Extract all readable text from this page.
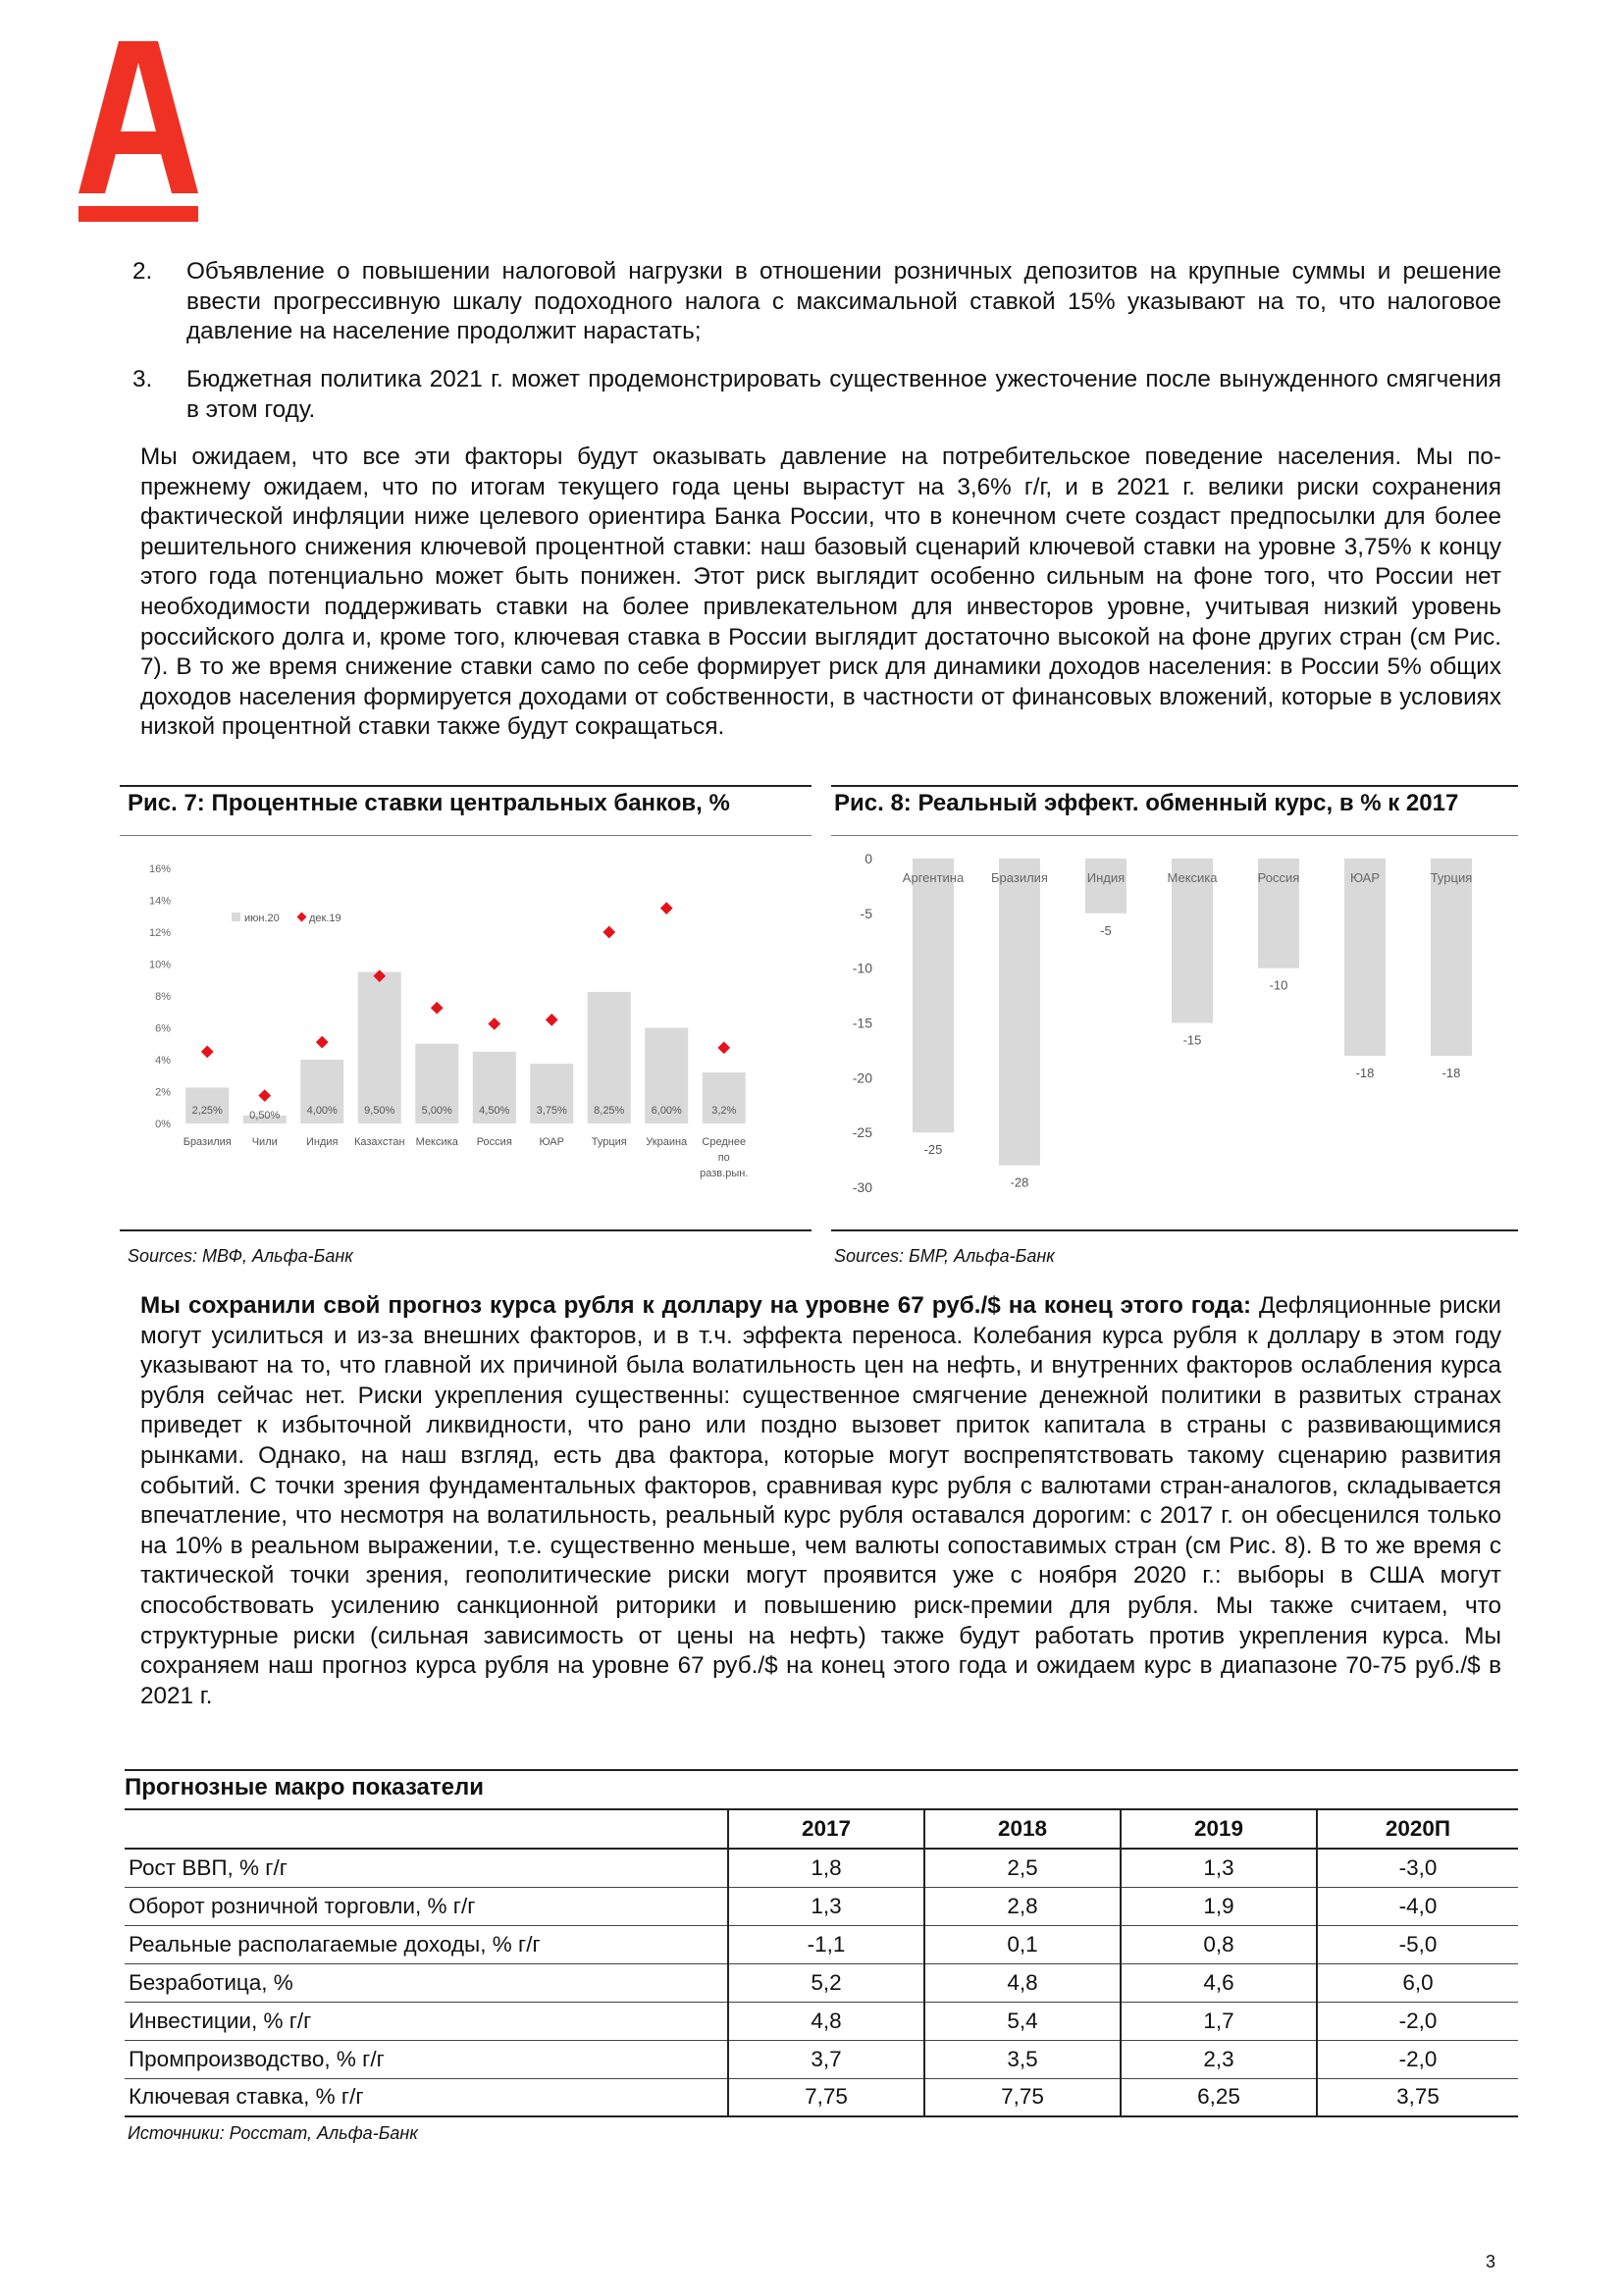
2. Объявление о повышении налоговой нагрузки в отношении розничных депозитов на крупные суммы и решение ввести прогрессивную шкалу подоходного налога с максимальной ставкой 15% указывают на то, что налоговое давление на население продолжит нарастать;
3. Бюджетная политика 2021 г. может продемонстрировать существенное ужесточение после вынужденного смягчения в этом году.
Мы ожидаем, что все эти факторы будут оказывать давление на потребительское поведение населения. Мы по-прежнему ожидаем, что по итогам текущего года цены вырастут на 3,6% г/г, и в 2021 г. велики риски сохранения фактической инфляции ниже целевого ориентира Банка России, что в конечном счете создаст предпосылки для более решительного снижения ключевой процентной ставки: наш базовый сценарий ключевой ставки на уровне 3,75% к концу этого года потенциально может быть понижен. Этот риск выглядит особенно сильным на фоне того, что России нет необходимости поддерживать ставки на более привлекательном для инвесторов уровне, учитывая низкий уровень российского долга и, кроме того, ключевая ставка в России выглядит достаточно высокой на фоне других стран (см Рис. 7). В то же время снижение ставки само по себе формирует риск для динамики доходов населения: в России 5% общих доходов населения формируется доходами от собственности, в частности от финансовых вложений, которые в условиях низкой процентной ставки также будут сокращаться.
Рис. 7: Процентные ставки центральных банков, %	Рис. 8: Реальный эффект. обменный курс, в % к 2017
0%
2%
4%
6%
8%
10%
12%
14%
16%
2,25%
Бразилия
0,50%
Чили
4,00%
Индия
9,50%
Казахстан
5,00%
Мексика
4,50%
Россия
3,75%
ЮАР
8,25%
Турция
6,00%
Украина
3,2%
Среднее
по
разв.рын.
июн.20	дек.19
0
-5
-10
-15
-20
-25
-30
Аргентина
-25
Бразилия
-28
Индия
-5
Мексика
-15
Россия
-10
ЮАР
-18
Турция
-18
Sources: МВФ, Альфа-Банк	Sources: БМР, Альфа-Банк
Мы сохранили свой прогноз курса рубля к доллару на уровне 67 руб./$ на конец этого года: Дефляционные риски могут усилиться и из-за внешних факторов, и в т.ч. эффекта переноса. Колебания курса рубля к доллару в этом году указывают на то, что главной их причиной была волатильность цен на нефть, и внутренних факторов ослабления курса рубля сейчас нет. Риски укрепления существенны: существенное смягчение денежной политики в развитых странах приведет к избыточной ликвидности, что рано или поздно вызовет приток капитала в страны с развивающимися рынками. Однако, на наш взгляд, есть два фактора, которые могут воспрепятствовать такому сценарию развития событий. С точки зрения фундаментальных факторов, сравнивая курс рубля с валютами стран-аналогов, складывается впечатление, что несмотря на волатильность, реальный курс рубля оставался дорогим: с 2017 г. он обесценился только на 10% в реальном выражении, т.е. существенно меньше, чем валюты сопоставимых стран (см Рис. 8). В то же время с тактической точки зрения, геополитические риски могут проявится уже с ноября 2020 г.: выборы в США могут способствовать усилению санкционной риторики и повышению риск-премии для рубля. Мы также считаем, что структурные риски (сильная зависимость от цены на нефть) также будут работать против укрепления курса. Мы сохраняем наш прогноз курса рубля на уровне 67 руб./$ на конец этого года и ожидаем курс в диапазоне 70-75 руб./$ в 2021 г.
Прогнозные макро показатели
	2017	2018	2019	2020П
Рост ВВП, % г/г	1,8	2,5	1,3	-3,0
Оборот розничной торговли, % г/г	1,3	2,8	1,9	-4,0
Реальные располагаемые доходы, % г/г	-1,1	0,1	0,8	-5,0
Безработица, %	5,2	4,8	4,6	6,0
Инвестиции, % г/г	4,8	5,4	1,7	-2,0
Промпроизводство, % г/г	3,7	3,5	2,3	-2,0
Ключевая ставка, % г/г	7,75	7,75	6,25	3,75
Источники: Росстат, Альфа-Банк
3
